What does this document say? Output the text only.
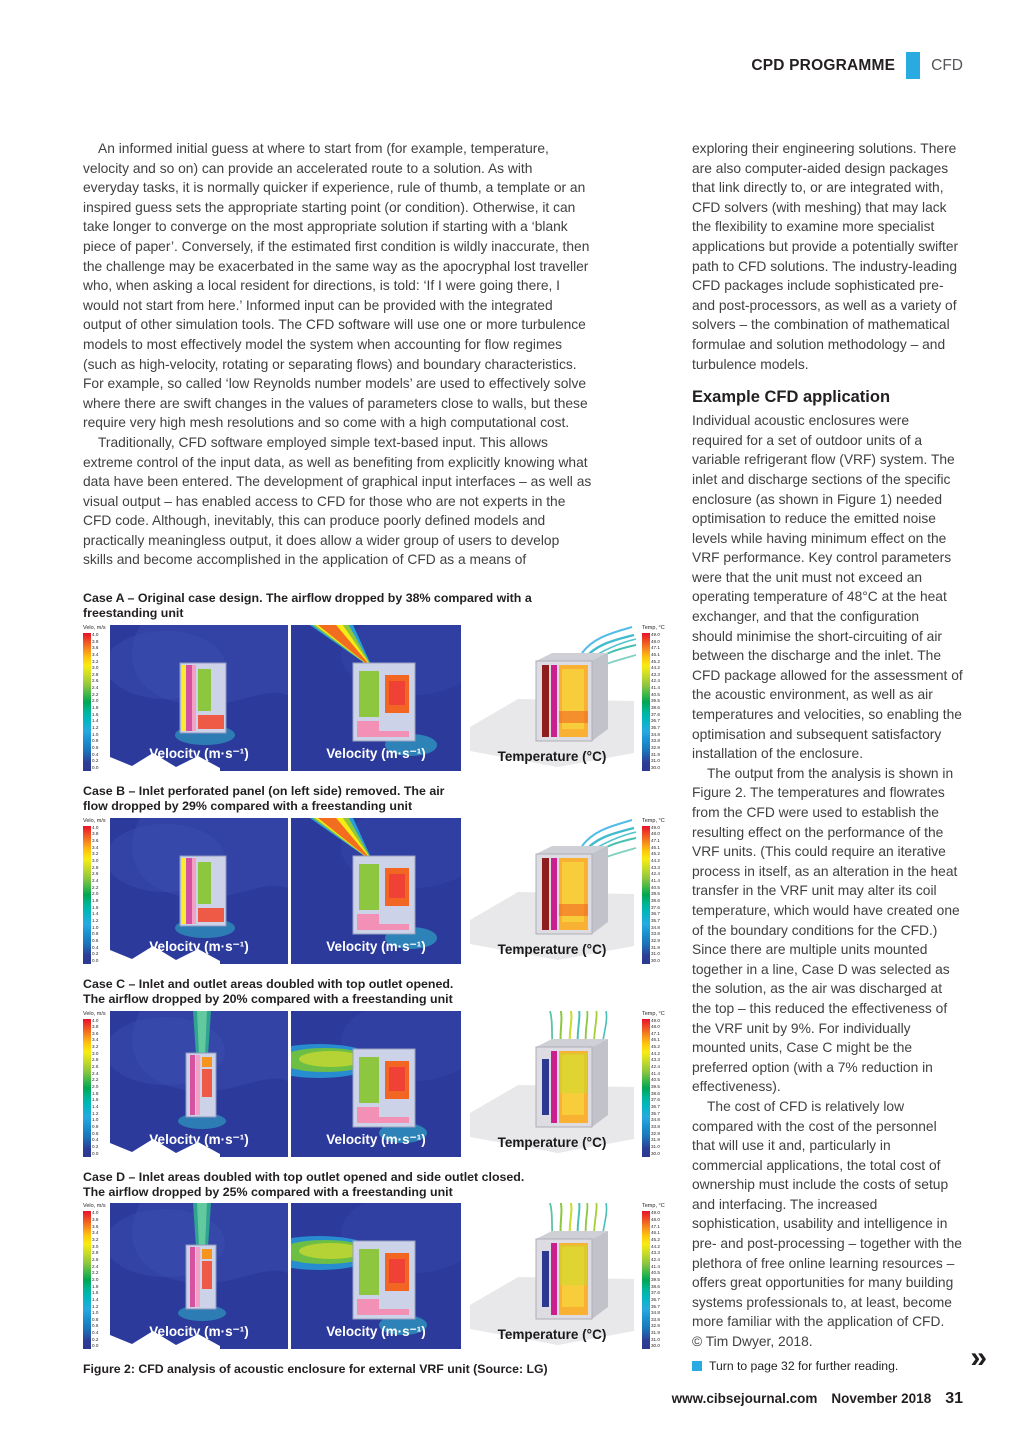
CPD PROGRAMME CFD

An informed initial guess at where to start from (for example, temperature, velocity and so on) can provide an accelerated route to a solution. As with everyday tasks, it is normally quicker if experience, rule of thumb, a template or an inspired guess sets the appropriate starting point (or condition). Otherwise, it can take longer to converge on the most appropriate solution if starting with a ‘blank piece of paper’. Conversely, if the estimated first condition is wildly inaccurate, then the challenge may be exacerbated in the same way as the apocryphal lost traveller who, when asking a local resident for directions, is told: ‘If I were going there, I would not start from here.’ Informed input can be provided with the integrated output of other simulation tools. The CFD software will use one or more turbulence models to most effectively model the system when accounting for flow regimes (such as high-velocity, rotating or separating flows) and boundary characteristics. For example, so called ‘low Reynolds number models’ are used to effectively solve where there are swift changes in the values of parameters close to walls, but these require very high mesh resolutions and so come with a high computational cost.

Traditionally, CFD software employed simple text-based input. This allows extreme control of the input data, as well as benefiting from explicitly knowing what data have been entered. The development of graphical input interfaces – as well as visual output – has enabled access to CFD for those who are not experts in the CFD code. Although, inevitably, this can produce poorly defined models and practically meaningless output, it does allow a wider group of users to develop skills and become accomplished in the application of CFD as a means of

Case A – Original case design. The airflow dropped by 38% compared with a freestanding unit
Velo, m/s
4.0
3.8
3.6
3.4
3.2
3.0
2.8
2.6
2.4
2.2
2.0
1.8
1.6
1.4
1.2
1.0
0.8
0.6
0.4
0.2
0.0
Velocity (m·s⁻¹)	Velocity (m·s⁻¹)	Temperature (°C)
Temp, °C
49.0
48.0
47.1
46.1
45.2
44.2
43.3
42.4
41.4
40.5
39.5
38.6
37.6
36.7
35.7
34.8
33.8
32.9
31.9
31.0
30.0
Case B – Inlet perforated panel (on left side) removed. The air
flow dropped by 29% compared with a freestanding unit
Velo, m/s
4.0
3.8
3.6
3.4
3.2
3.0
2.8
2.6
2.4
2.2
2.0
1.8
1.6
1.4
1.2
1.0
0.8
0.6
0.4
0.2
0.0
Velocity (m·s⁻¹)	Velocity (m·s⁻¹)	Temperature (°C)
Temp, °C
49.0
48.0
47.1
46.1
45.2
44.2
43.3
42.4
41.4
40.5
39.5
38.6
37.6
36.7
35.7
34.8
33.8
32.9
31.9
31.0
30.0
Case C – Inlet and outlet areas doubled with top outlet opened.
The airflow dropped by 20% compared with a freestanding unit
Velo, m/s
4.0
3.8
3.6
3.4
3.2
3.0
2.8
2.6
2.4
2.2
2.0
1.8
1.6
1.4
1.2
1.0
0.8
0.6
0.4
0.2
0.0
Velocity (m·s⁻¹)	Velocity (m·s⁻¹)	Temperature (°C)
Temp, °C
49.0
48.0
47.1
46.1
45.2
44.2
43.3
42.4
41.4
40.5
39.5
38.6
37.6
36.7
35.7
34.8
33.8
32.9
31.9
31.0
30.0
Case D – Inlet areas doubled with top outlet opened and side outlet closed.
The airflow dropped by 25% compared with a freestanding unit
Velo, m/s
4.0
3.8
3.6
3.4
3.2
3.0
2.8
2.6
2.4
2.2
2.0
1.8
1.6
1.4
1.2
1.0
0.8
0.6
0.4
0.2
0.0
Velocity (m·s⁻¹)	Velocity (m·s⁻¹)	Temperature (°C)
Temp, °C
49.0
48.0
47.1
46.1
45.2
44.2
43.3
42.4
41.4
40.5
39.5
38.6
37.6
36.7
35.7
34.8
33.8
32.9
31.9
31.0
30.0
Figure 2: CFD analysis of acoustic enclosure for external VRF unit (Source: LG)

exploring their engineering solutions. There are also computer-aided design packages that link directly to, or are integrated with, CFD solvers (with meshing) that may lack the flexibility to examine more specialist applications but provide a potentially swifter path to CFD solutions. The industry-leading CFD packages include sophisticated pre- and post-processors, as well as a variety of solvers – the combination of mathematical formulae and solution methodology – and turbulence models.

Example CFD application

Individual acoustic enclosures were required for a set of outdoor units of a variable refrigerant flow (VRF) system. The inlet and discharge sections of the specific enclosure (as shown in Figure 1) needed optimisation to reduce the emitted noise levels while having minimum effect on the VRF performance. Key control parameters were that the unit must not exceed an operating temperature of 48°C at the heat exchanger, and that the configuration should minimise the short-circuiting of air between the discharge and the inlet. The CFD package allowed for the assessment of the acoustic environment, as well as air temperatures and velocities, so enabling the optimisation and subsequent satisfactory installation of the enclosure.

The output from the analysis is shown in Figure 2. The temperatures and flowrates from the CFD were used to establish the resulting effect on the performance of the VRF units. (This could require an iterative process in itself, as an alteration in the heat transfer in the VRF unit may alter its coil temperature, which would have created one of the boundary conditions for the CFD.) Since there are multiple units mounted together in a line, Case D was selected as the solution, as the air was discharged at the top – this reduced the effectiveness of the VRF unit by 9%. For individually mounted units, Case C might be the preferred option (with a 7% reduction in effectiveness).

The cost of CFD is relatively low compared with the cost of the personnel that will use it and, particularly in commercial applications, the total cost of ownership must include the costs of setup and interfacing. The increased sophistication, usability and intelligence in pre- and post-processing – together with the plethora of free online learning resources – offers great opportunities for many building systems professionals to, at least, become more familiar with the application of CFD.

© Tim Dwyer, 2018.
Turn to page 32 for further reading. »
www.cibsejournal.com November 2018 31
